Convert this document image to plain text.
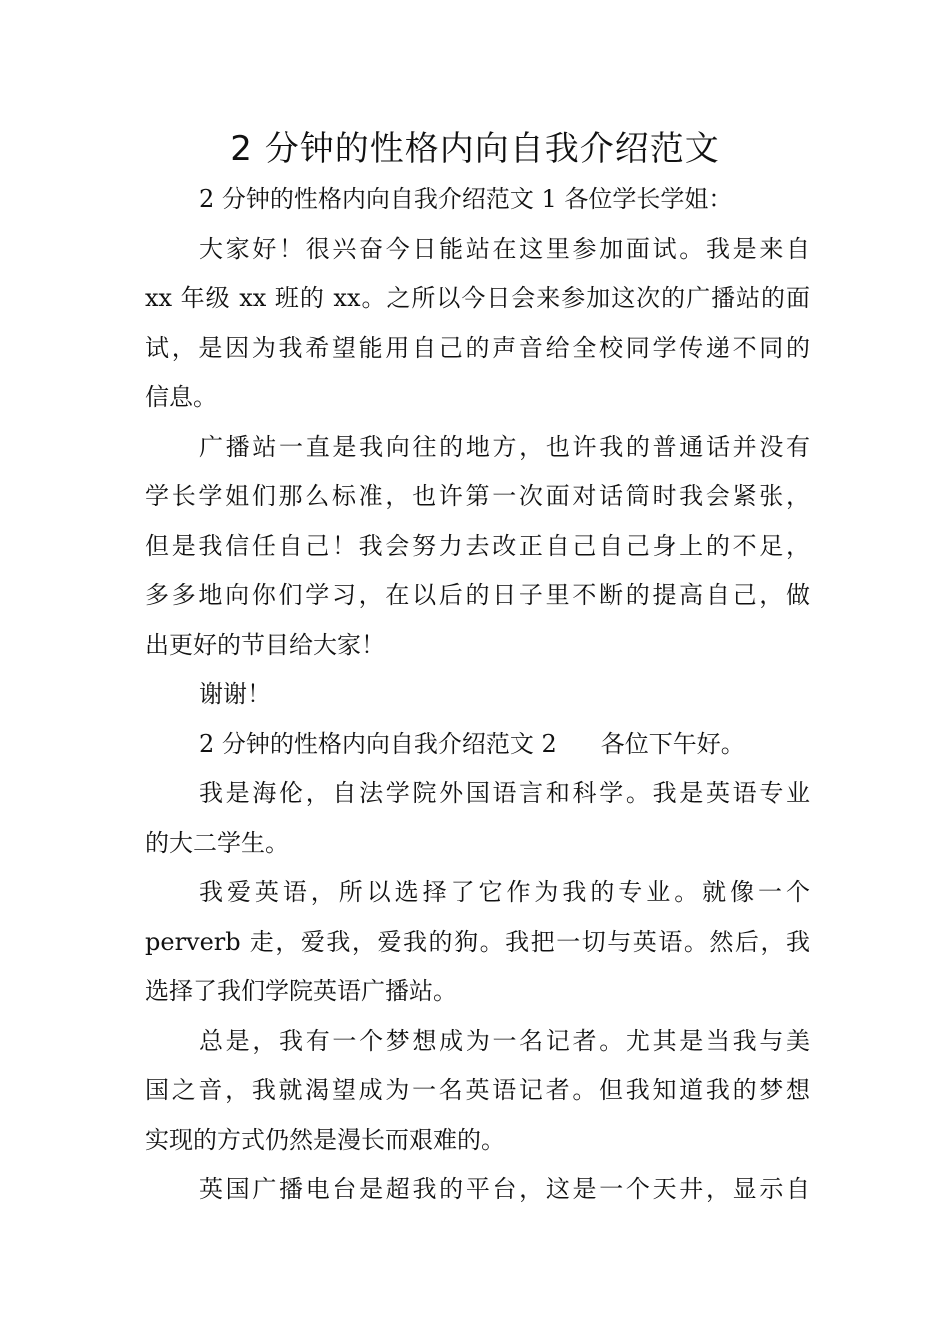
2 分钟的性格内向自我介绍范文
2 分钟的性格内向自我介绍范文 1 各位学长学姐：
大家好！很兴奋今日能站在这里参加面试。我是来自
xx 年级 xx 班的 xx。之所以今日会来参加这次的广播站的面
试，是因为我希望能用自己的声音给全校同学传递不同的
信息。
广播站一直是我向往的地方，也许我的普通话并没有
学长学姐们那么标准，也许第一次面对话筒时我会紧张，
但是我信任自己！我会努力去改正自己自己身上的不足，
多多地向你们学习，在以后的日子里不断的提高自己，做
出更好的节目给大家！
谢谢！
2 分钟的性格内向自我介绍范文 2 各位下午好。
我是海伦，自法学院外国语言和科学。我是英语专业
的大二学生。
我爱英语，所以选择了它作为我的专业。就像一个
perverb 走，爱我，爱我的狗。我把一切与英语。然后，我
选择了我们学院英语广播站。
总是，我有一个梦想成为一名记者。尤其是当我与美
国之音，我就渴望成为一名英语记者。但我知道我的梦想
实现的方式仍然是漫长而艰难的。
英国广播电台是超我的平台，这是一个天井，显示自
